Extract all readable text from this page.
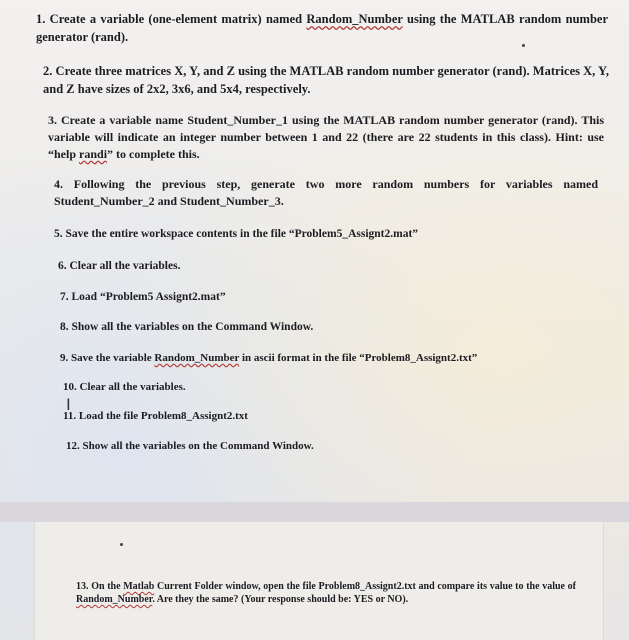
1. Create a variable (one-element matrix) named Random_Number using the MATLAB random number generator (rand).

2. Create three matrices X, Y, and Z using the MATLAB random number generator (rand). Matrices X, Y, and Z have sizes of 2x2, 3x6, and 5x4, respectively.

3. Create a variable name Student_Number_1 using the MATLAB random number generator (rand). This variable will indicate an integer number between 1 and 22 (there are 22 students in this class). Hint: use “help randi” to complete this.

4. Following the previous step, generate two more random numbers for variables named Student_Number_2 and Student_Number_3.

5. Save the entire workspace contents in the file “Problem5_Assignt2.mat”

6. Clear all the variables.

7. Load “Problem5 Assignt2.mat”

8. Show all the variables on the Command Window.

9. Save the variable Random_Number in ascii format in the file “Problem8_Assignt2.txt”

10. Clear all the variables.

I

11. Load the file Problem8_Assignt2.txt

12. Show all the variables on the Command Window.

13. On the Matlab Current Folder window, open the file Problem8_Assignt2.txt and compare its value to the value of Random_Number. Are they the same? (Your response should be: YES or NO).
